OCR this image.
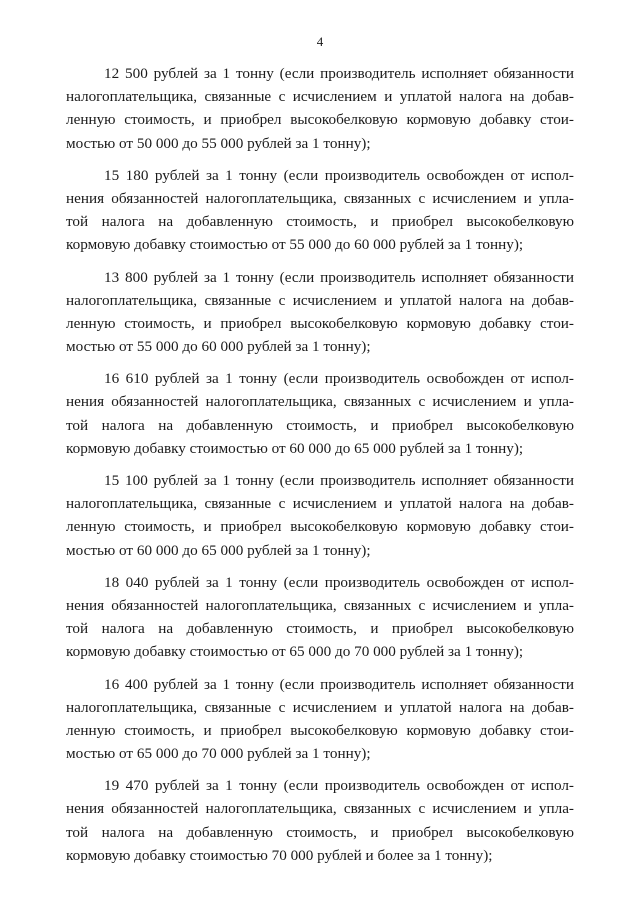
4
12 500 рублей за 1 тонну (если производитель исполняет обязанности
налогоплательщика, связанные с исчислением и уплатой налога на добав-
ленную стоимость, и приобрел высокобелковую кормовую добавку стои-
мостью от 50 000 до 55 000 рублей за 1 тонну);
15 180 рублей за 1 тонну (если производитель освобожден от испол-
нения обязанностей налогоплательщика, связанных с исчислением и упла-
той налога на добавленную стоимость, и приобрел высокобелковую
кормовую добавку стоимостью от 55 000 до 60 000 рублей за 1 тонну);
13 800 рублей за 1 тонну (если производитель исполняет обязанности
налогоплательщика, связанные с исчислением и уплатой налога на добав-
ленную стоимость, и приобрел высокобелковую кормовую добавку стои-
мостью от 55 000 до 60 000 рублей за 1 тонну);
16 610 рублей за 1 тонну (если производитель освобожден от испол-
нения обязанностей налогоплательщика, связанных с исчислением и упла-
той налога на добавленную стоимость, и приобрел высокобелковую
кормовую добавку стоимостью от 60 000 до 65 000 рублей за 1 тонну);
15 100 рублей за 1 тонну (если производитель исполняет обязанности
налогоплательщика, связанные с исчислением и уплатой налога на добав-
ленную стоимость, и приобрел высокобелковую кормовую добавку стои-
мостью от 60 000 до 65 000 рублей за 1 тонну);
18 040 рублей за 1 тонну (если производитель освобожден от испол-
нения обязанностей налогоплательщика, связанных с исчислением и упла-
той налога на добавленную стоимость, и приобрел высокобелковую
кормовую добавку стоимостью от 65 000 до 70 000 рублей за 1 тонну);
16 400 рублей за 1 тонну (если производитель исполняет обязанности
налогоплательщика, связанные с исчислением и уплатой налога на добав-
ленную стоимость, и приобрел высокобелковую кормовую добавку стои-
мостью от 65 000 до 70 000 рублей за 1 тонну);
19 470 рублей за 1 тонну (если производитель освобожден от испол-
нения обязанностей налогоплательщика, связанных с исчислением и упла-
той налога на добавленную стоимость, и приобрел высокобелковую
кормовую добавку стоимостью 70 000 рублей и более за 1 тонну);
